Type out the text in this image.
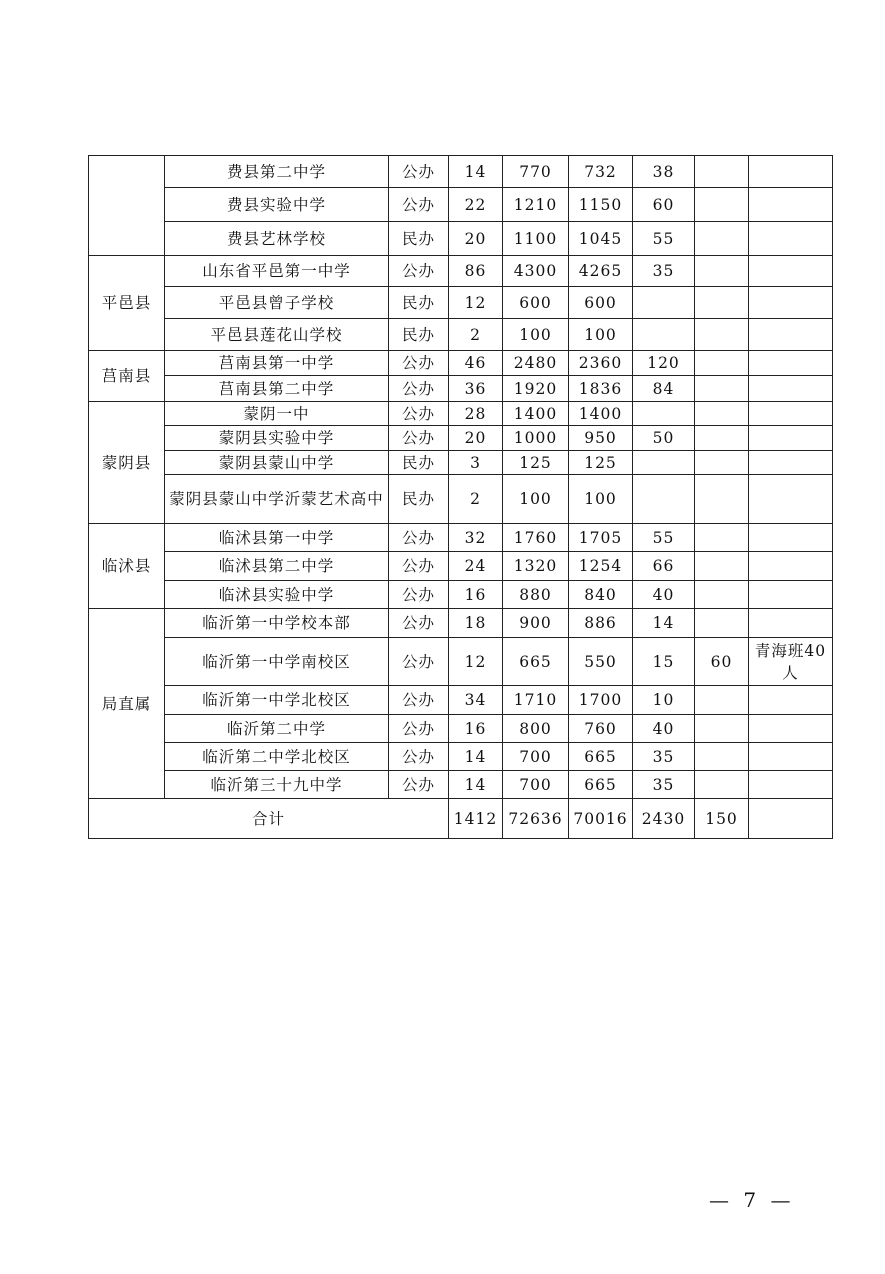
	费县第二中学	公办	14	770	732	38		
	费县实验中学	公办	22	1210	1150	60		
	费县艺林学校	民办	20	1100	1045	55		
平邑县	山东省平邑第一中学	公办	86	4300	4265	35		
	平邑县曾子学校	民办	12	600	600			
	平邑县莲花山学校	民办	2	100	100			
莒南县	莒南县第一中学	公办	46	2480	2360	120		
	莒南县第二中学	公办	36	1920	1836	84		
蒙阴县	蒙阴一中	公办	28	1400	1400			
	蒙阴县实验中学	公办	20	1000	950	50		
	蒙阴县蒙山中学	民办	3	125	125			
	蒙阴县蒙山中学沂蒙艺术高中	民办	2	100	100			
临沭县	临沭县第一中学	公办	32	1760	1705	55		
	临沭县第二中学	公办	24	1320	1254	66		
	临沭县实验中学	公办	16	880	840	40		
局直属	临沂第一中学校本部	公办	18	900	886	14		
	临沂第一中学南校区	公办	12	665	550	15	60	青海班40人
	临沂第一中学北校区	公办	34	1710	1700	10		
	临沂第二中学	公办	16	800	760	40		
	临沂第二中学北校区	公办	14	700	665	35		
	临沂第三十九中学	公办	14	700	665	35		
合计			1412	72636	70016	2430	150	
— 7 —
